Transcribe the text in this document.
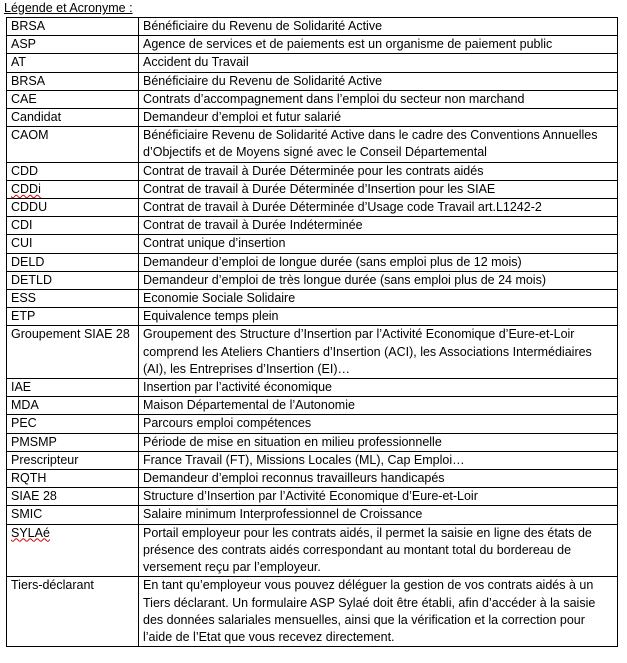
Légende et Acronyme :
BRSA	Bénéficiaire du Revenu de Solidarité Active
ASP	Agence de services et de paiements est un organisme de paiement public
AT	Accident du Travail
BRSA	Bénéficiaire du Revenu de Solidarité Active
CAE	Contrats d’accompagnement dans l’emploi du secteur non marchand
Candidat	Demandeur d’emploi et futur salarié
CAOM	Bénéficiaire Revenu de Solidarité Active dans le cadre des Conventions Annuelles d’Objectifs et de Moyens signé avec le Conseil Départemental
CDD	Contrat de travail à Durée Déterminée pour les contrats aidés
CDDi	Contrat de travail à Durée Déterminée d’Insertion pour les SIAE
CDDU	Contrat de travail à Durée Déterminée d’Usage code Travail art.L1242-2
CDI	Contrat de travail à Durée Indéterminée
CUI	Contrat unique d’insertion
DELD	Demandeur d’emploi de longue durée (sans emploi plus de 12 mois)
DETLD	Demandeur d’emploi de très longue durée (sans emploi plus de 24 mois)
ESS	Economie Sociale Solidaire
ETP	Equivalence temps plein
Groupement SIAE 28	Groupement des Structure d’Insertion par l’Activité Economique d’Eure-et-Loir comprend les Ateliers Chantiers d’Insertion (ACI), les Associations Intermédiaires (AI), les Entreprises d’Insertion (EI)…
IAE	Insertion par l’activité économique
MDA	Maison Départemental de l’Autonomie
PEC	Parcours emploi compétences
PMSMP	Période de mise en situation en milieu professionnelle
Prescripteur	France Travail (FT), Missions Locales (ML), Cap Emploi…
RQTH	Demandeur d’emploi reconnus travailleurs handicapés
SIAE 28	Structure d’Insertion par l’Activité Economique d’Eure-et-Loir
SMIC	Salaire minimum Interprofessionnel de Croissance
SYLAé	Portail employeur pour les contrats aidés, il permet la saisie en ligne des états de présence des contrats aidés correspondant au montant total du bordereau de versement reçu par l’employeur.
Tiers-déclarant	En tant qu’employeur vous pouvez déléguer la gestion de vos contrats aidés à un Tiers déclarant. Un formulaire ASP Sylaé doit être établi, afin d’accéder à la saisie des données salariales mensuelles, ainsi que la vérification et la correction pour l’aide de l’Etat que vous recevez directement.
